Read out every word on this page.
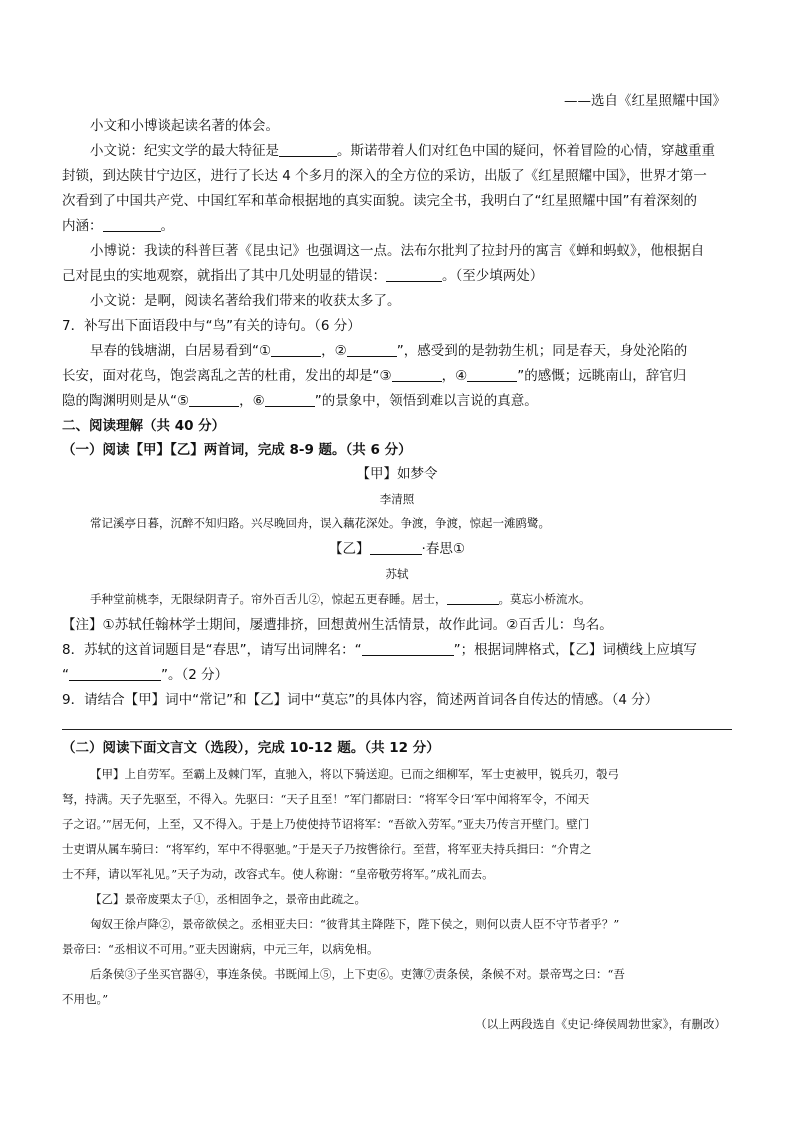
——选自《红星照耀中国》
小文和小博谈起读名著的体会。
小文说：纪实文学的最大特征是	。斯诺带着人们对红色中国的疑问，怀着冒险的心情，穿越重重
封锁，到达陕甘宁边区，进行了长达 4 个多月的深入的全方位的采访，出版了《红星照耀中国》，世界才第一
次看到了中国共产党、中国红军和革命根据地的真实面貌。读完全书，我明白了“红星照耀中国”有着深刻的
内涵：	。
小博说：我读的科普巨著《昆虫记》也强调这一点。法布尔批判了拉封丹的寓言《蝉和蚂蚁》，他根据自
己对昆虫的实地观察，就指出了其中几处明显的错误：	。（至少填两处）
小文说：是啊，阅读名著给我们带来的收获太多了。
7．补写出下面语段中与“鸟”有关的诗句。（6 分）
早春的钱塘湖，白居易看到“①	，②	”，感受到的是勃勃生机；同是春天，身处沦陷的
长安，面对花鸟，饱尝离乱之苦的杜甫，发出的却是“③	，④	”的感慨；远眺南山，辞官归
隐的陶渊明则是从“⑤	，⑥	”的景象中，领悟到难以言说的真意。
二、阅读理解（共 40 分）
（一）阅读【甲】【乙】两首词，完成 8-9 题。（共 6 分）
【甲】如梦令
李清照
常记溪亭日暮，沉醉不知归路。兴尽晚回舟，误入藕花深处。争渡，争渡，惊起一滩鸥鹭。
【乙】	·春思①
苏轼
手种堂前桃李，无限绿阴青子。帘外百舌儿②，惊起五更春睡。居士，	。莫忘小桥流水。
【注】①苏轼任翰林学士期间，屡遭排挤，回想黄州生活情景，故作此词。②百舌儿：鸟名。
8．苏轼的这首词题目是“春思”，请写出词牌名：“	”；根据词牌格式，【乙】词横线上应填写
“	”。（2 分）
9．请结合【甲】词中“常记”和【乙】词中“莫忘”的具体内容，简述两首词各自传达的情感。（4 分）
（二）阅读下面文言文（选段），完成 10-12 题。（共 12 分）
【甲】上自劳军。至霸上及棘门军，直驰入，将以下骑送迎。已而之细柳军，军士吏被甲，锐兵刃，彀弓
弩，持满。天子先驱至，不得入。先驱曰：“天子且至！”军门都尉曰：“将军令曰‘军中闻将军令，不闻天
子之诏。’”居无何，上至，又不得入。于是上乃使使持节诏将军：“吾欲入劳军。”亚夫乃传言开壁门。壁门
士吏谓从属车骑曰：“将军约，军中不得驱驰。”于是天子乃按辔徐行。至营，将军亚夫持兵揖曰：“介胄之
士不拜，请以军礼见。”天子为动，改容式车。使人称谢：“皇帝敬劳将军。”成礼而去。
【乙】景帝废栗太子①，丞相固争之，景帝由此疏之。
匈奴王徐卢降②，景帝欲侯之。丞相亚夫曰：“彼背其主降陛下，陛下侯之，则何以责人臣不守节者乎？”
景帝曰：“丞相议不可用。”亚夫因谢病，中元三年，以病免相。
后条侯③子坐买官器④，事连条侯。书既闻上⑤，上下吏⑥。吏簿⑦责条侯，条候不对。景帝骂之曰：“吾
不用也。”
（以上两段选自《史记·绛侯周勃世家》，有删改）
